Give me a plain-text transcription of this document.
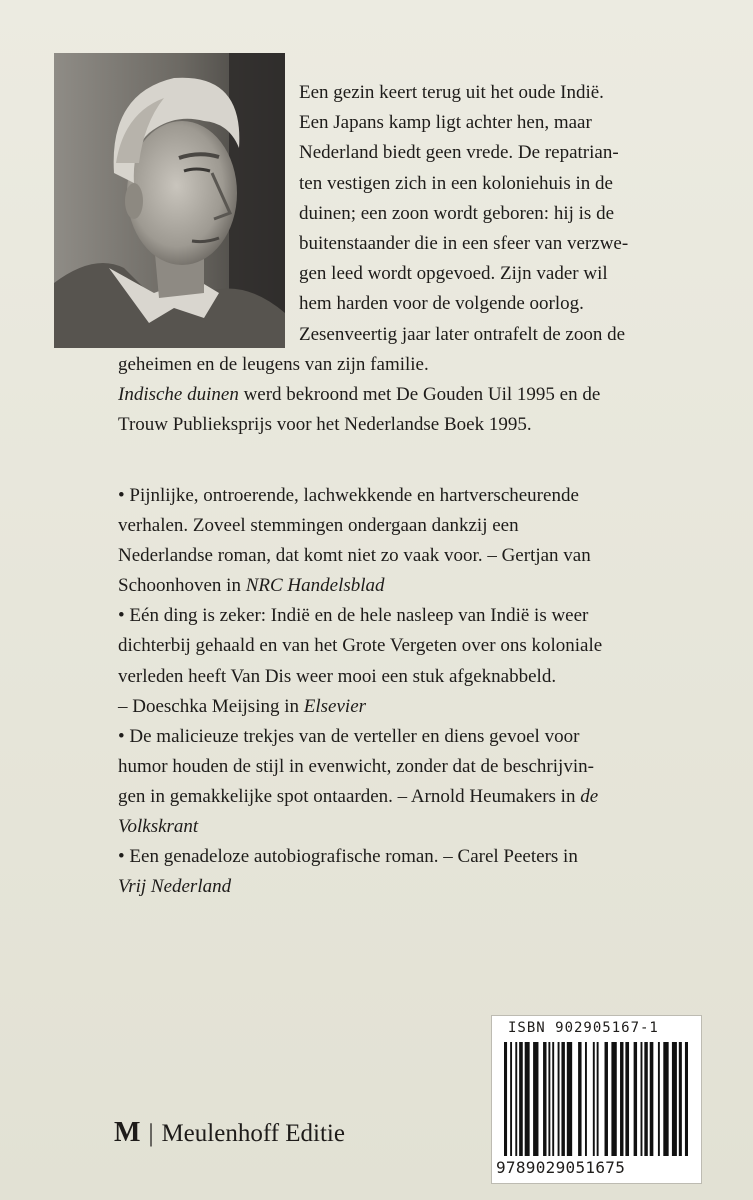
Een gezin keert terug uit het oude Indië.
Een Japans kamp ligt achter hen, maar
Nederland biedt geen vrede. De repatrian-
ten vestigen zich in een koloniehuis in de
duinen; een zoon wordt geboren: hij is de
buitenstaander die in een sfeer van verzwe-
gen leed wordt opgevoed. Zijn vader wil
hem harden voor de volgende oorlog.
Zesenveertig jaar later ontrafelt de zoon de
geheimen en de leugens van zijn familie.
Indische duinen werd bekroond met De Gouden Uil 1995 en de
Trouw Publieksprijs voor het Nederlandse Boek 1995.
• Pijnlijke, ontroerende, lachwekkende en hartverscheurende
verhalen. Zoveel stemmingen ondergaan dankzij een
Nederlandse roman, dat komt niet zo vaak voor. – Gertjan van
Schoonhoven in NRC Handelsblad
• Eén ding is zeker: Indië en de hele nasleep van Indië is weer
dichterbij gehaald en van het Grote Vergeten over ons koloniale
verleden heeft Van Dis weer mooi een stuk afgeknabbeld.
– Doeschka Meijsing in Elsevier
• De malicieuze trekjes van de verteller en diens gevoel voor
humor houden de stijl in evenwicht, zonder dat de beschrijvin-
gen in gemakkelijke spot ontaarden. – Arnold Heumakers in de
Volkskrant
• Een genadeloze autobiografische roman. – Carel Peeters in
Vrij Nederland
M | Meulenhoff Editie
ISBN 902905167-1
9789029051675
